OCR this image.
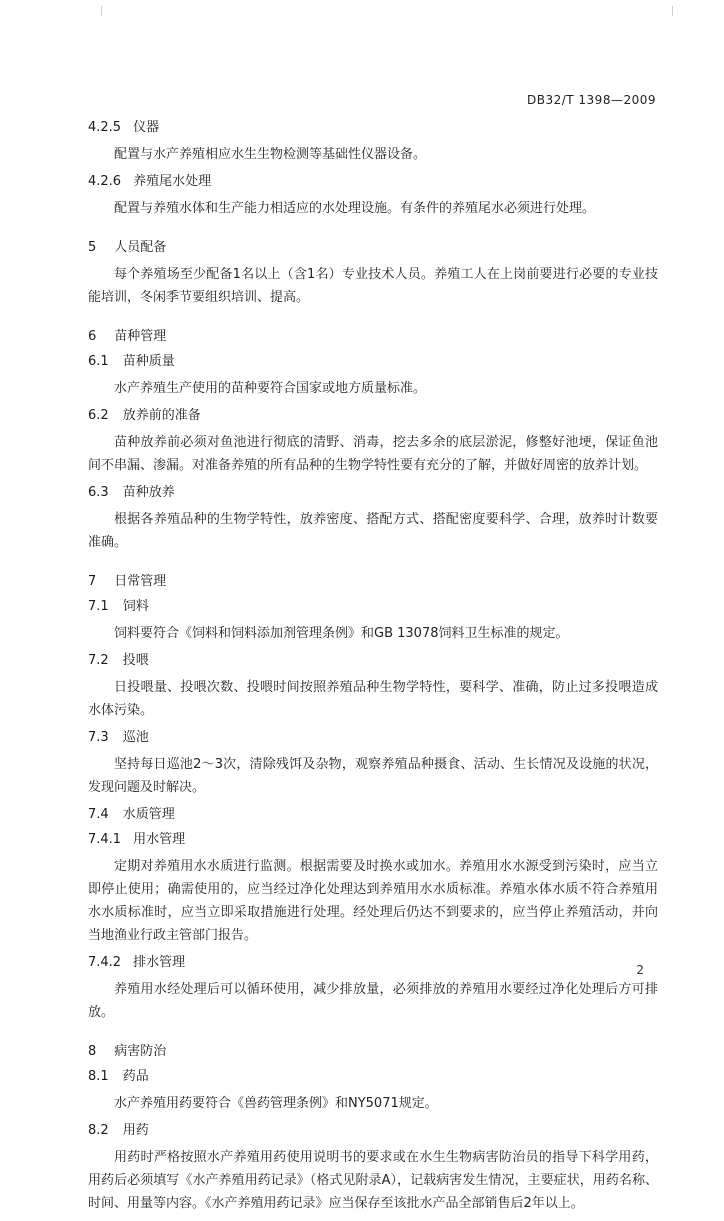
DB32/T 1398—2009
4.2.5 仪器

配置与水产养殖相应水生生物检测等基础性仪器设备。

4.2.6 养殖尾水处理

配置与养殖水体和生产能力相适应的水处理设施。有条件的养殖尾水必须进行处理。

5 人员配备

每个养殖场至少配备1名以上（含1名）专业技术人员。养殖工人在上岗前要进行必要的专业技能培训，冬闲季节要组织培训、提高。

6 苗种管理
6.1 苗种质量

水产养殖生产使用的苗种要符合国家或地方质量标准。

6.2 放养前的准备

苗种放养前必须对鱼池进行彻底的清野、消毒，挖去多余的底层淤泥，修整好池埂，保证鱼池间不串漏、渗漏。对准备养殖的所有品种的生物学特性要有充分的了解，并做好周密的放养计划。

6.3 苗种放养

根据各养殖品种的生物学特性，放养密度、搭配方式、搭配密度要科学、合理，放养时计数要准确。

7 日常管理
7.1 饲料

饲料要符合《饲料和饲料添加剂管理条例》和GB 13078饲料卫生标准的规定。

7.2 投喂

日投喂量、投喂次数、投喂时间按照养殖品种生物学特性，要科学、准确，防止过多投喂造成水体污染。

7.3 巡池

坚持每日巡池2～3次，清除残饵及杂物，观察养殖品种摄食、活动、生长情况及设施的状况，发现问题及时解决。

7.4 水质管理
7.4.1 用水管理

定期对养殖用水水质进行监测。根据需要及时换水或加水。养殖用水水源受到污染时，应当立即停止使用；确需使用的，应当经过净化处理达到养殖用水水质标准。养殖水体水质不符合养殖用水水质标准时，应当立即采取措施进行处理。经处理后仍达不到要求的，应当停止养殖活动，并向当地渔业行政主管部门报告。

7.4.2 排水管理

养殖用水经处理后可以循环使用，减少排放量，必须排放的养殖用水要经过净化处理后方可排放。

8 病害防治
8.1 药品

水产养殖用药要符合《兽药管理条例》和NY5071规定。

8.2 用药

用药时严格按照水产养殖用药使用说明书的要求或在水生生物病害防治员的指导下科学用药，用药后必须填写《水产养殖用药记录》（格式见附录A），记载病害发生情况，主要症状，用药名称、时间、用量等内容。《水产养殖用药记录》应当保存至该批水产品全部销售后2年以上。

2
